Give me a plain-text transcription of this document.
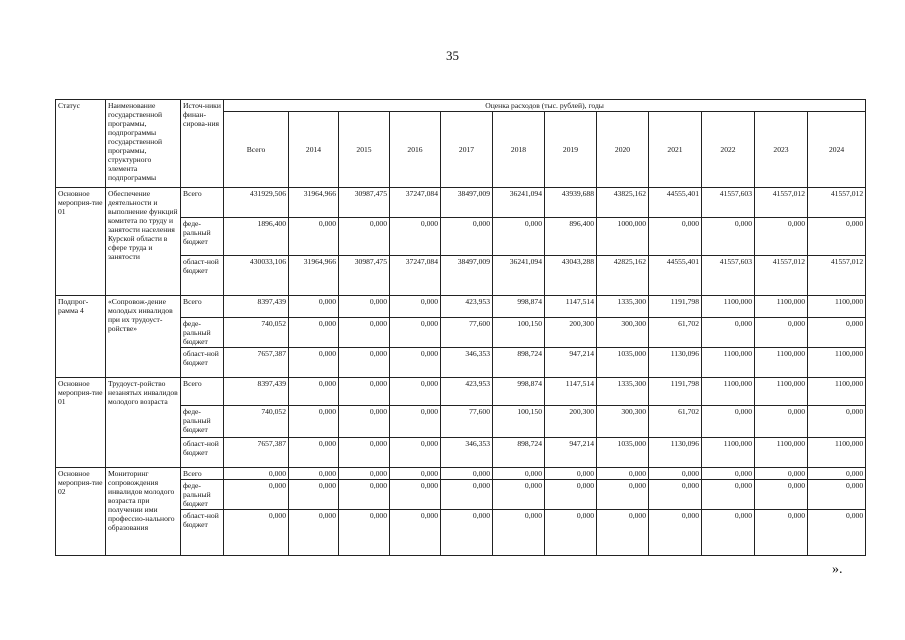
35
Статус	Наименование государственной программы, подпрограммы государственной программы, структурного элемента подпрограммы	Источ-ники финан-сирова-ния	Оценка расходов (тыс. рублей), годы											
			Всего	2014	2015	2016	2017	2018	2019	2020	2021	2022	2023	2024
Основное мероприя-тие 01	Обеспечение деятельности и выполнение функций комитета по труду и занятости населения Курской области в сфере труда и занятости	Всего	431929,506	31964,966	30987,475	37247,084	38497,009	36241,094	43939,688	43825,162	44555,401	41557,603	41557,012	41557,012
		феде-ральный бюджет	1896,400	0,000	0,000	0,000	0,000	0,000	896,400	1000,000	0,000	0,000	0,000	0,000
		област-ной бюджет	430033,106	31964,966	30987,475	37247,084	38497,009	36241,094	43043,288	42825,162	44555,401	41557,603	41557,012	41557,012
Подпрог-рамма 4	«Сопровож-дение молодых инвалидов при их трудоуст-ройстве»	Всего	8397,439	0,000	0,000	0,000	423,953	998,874	1147,514	1335,300	1191,798	1100,000	1100,000	1100,000
		феде-ральный бюджет	740,052	0,000	0,000	0,000	77,600	100,150	200,300	300,300	61,702	0,000	0,000	0,000
		област-ной бюджет	7657,387	0,000	0,000	0,000	346,353	898,724	947,214	1035,000	1130,096	1100,000	1100,000	1100,000
Основное мероприя-тие 01	Трудоуст-ройство незанятых инвалидов молодого возраста	Всего	8397,439	0,000	0,000	0,000	423,953	998,874	1147,514	1335,300	1191,798	1100,000	1100,000	1100,000
		феде-ральный бюджет	740,052	0,000	0,000	0,000	77,600	100,150	200,300	300,300	61,702	0,000	0,000	0,000
		област-ной бюджет	7657,387	0,000	0,000	0,000	346,353	898,724	947,214	1035,000	1130,096	1100,000	1100,000	1100,000
Основное мероприя-тие 02	Мониторинг сопровождения инвалидов молодого возраста при получении ими профессио-нального образования	Всего	0,000	0,000	0,000	0,000	0,000	0,000	0,000	0,000	0,000	0,000	0,000	0,000
		феде-ральный бюджет	0,000	0,000	0,000	0,000	0,000	0,000	0,000	0,000	0,000	0,000	0,000	0,000
		област-ной бюджет	0,000	0,000	0,000	0,000	0,000	0,000	0,000	0,000	0,000	0,000	0,000	0,000
».
